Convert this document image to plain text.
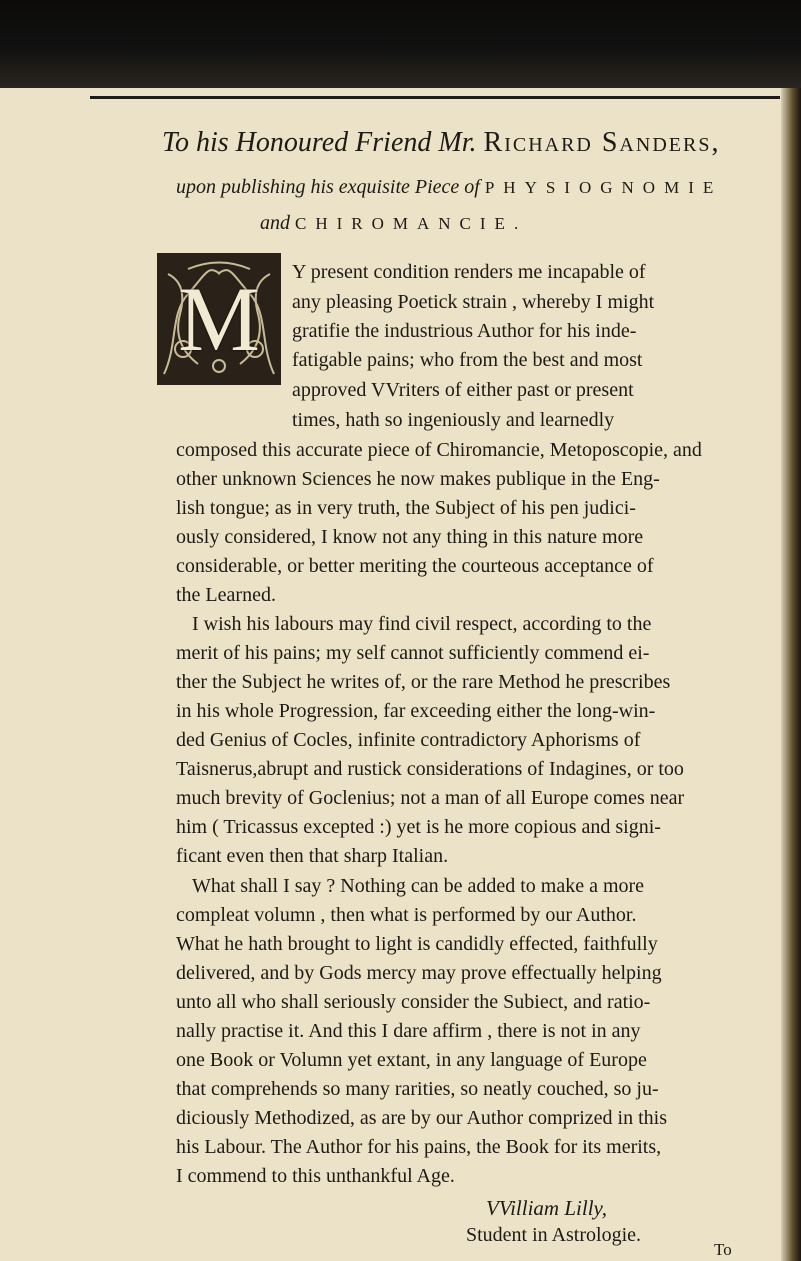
To his Honoured Friend Mr. Richard Sanders,
upon publishing his exquisite Piece of PHYSIOGNOMIE
and CHIROMANCIE.
M	Y present condition renders me incapable of
any pleasing Poetick strain , whereby I might
gratifie the industrious Author for his inde-
fatigable pains; who from the best and most
approved VVriters of either past or present
times, hath so ingeniously and learnedly
composed this accurate piece of Chiromancie, Metoposcopie, and
other unknown Sciences he now makes publique in the Eng-
lish tongue; as in very truth, the Subject of his pen judici-
ously considered, I know not any thing in this nature more
considerable, or better meriting the courteous acceptance of
the Learned.
I wish his labours may find civil respect, according to the
merit of his pains; my self cannot sufficiently commend ei-
ther the Subject he writes of, or the rare Method he prescribes
in his whole Progression, far exceeding either the long-win-
ded Genius of Cocles, infinite contradictory Aphorisms of
Taisnerus,abrupt and rustick considerations of Indagines, or too
much brevity of Goclenius; not a man of all Europe comes near
him ( Tricassus excepted :) yet is he more copious and signi-
ficant even then that sharp Italian.
What shall I say ? Nothing can be added to make a more
compleat volumn , then what is performed by our Author.
What he hath brought to light is candidly effected, faithfully
delivered, and by Gods mercy may prove effectually helping
unto all who shall seriously consider the Subiect, and ratio-
nally practise it. And this I dare affirm , there is not in any
one Book or Volumn yet extant, in any language of Europe
that comprehends so many rarities, so neatly couched, so ju-
diciously Methodized, as are by our Author comprized in this
his Labour. The Author for his pains, the Book for its merits,
I commend to this unthankful Age.
VVilliam Lilly,
Student in Astrologie.
To
